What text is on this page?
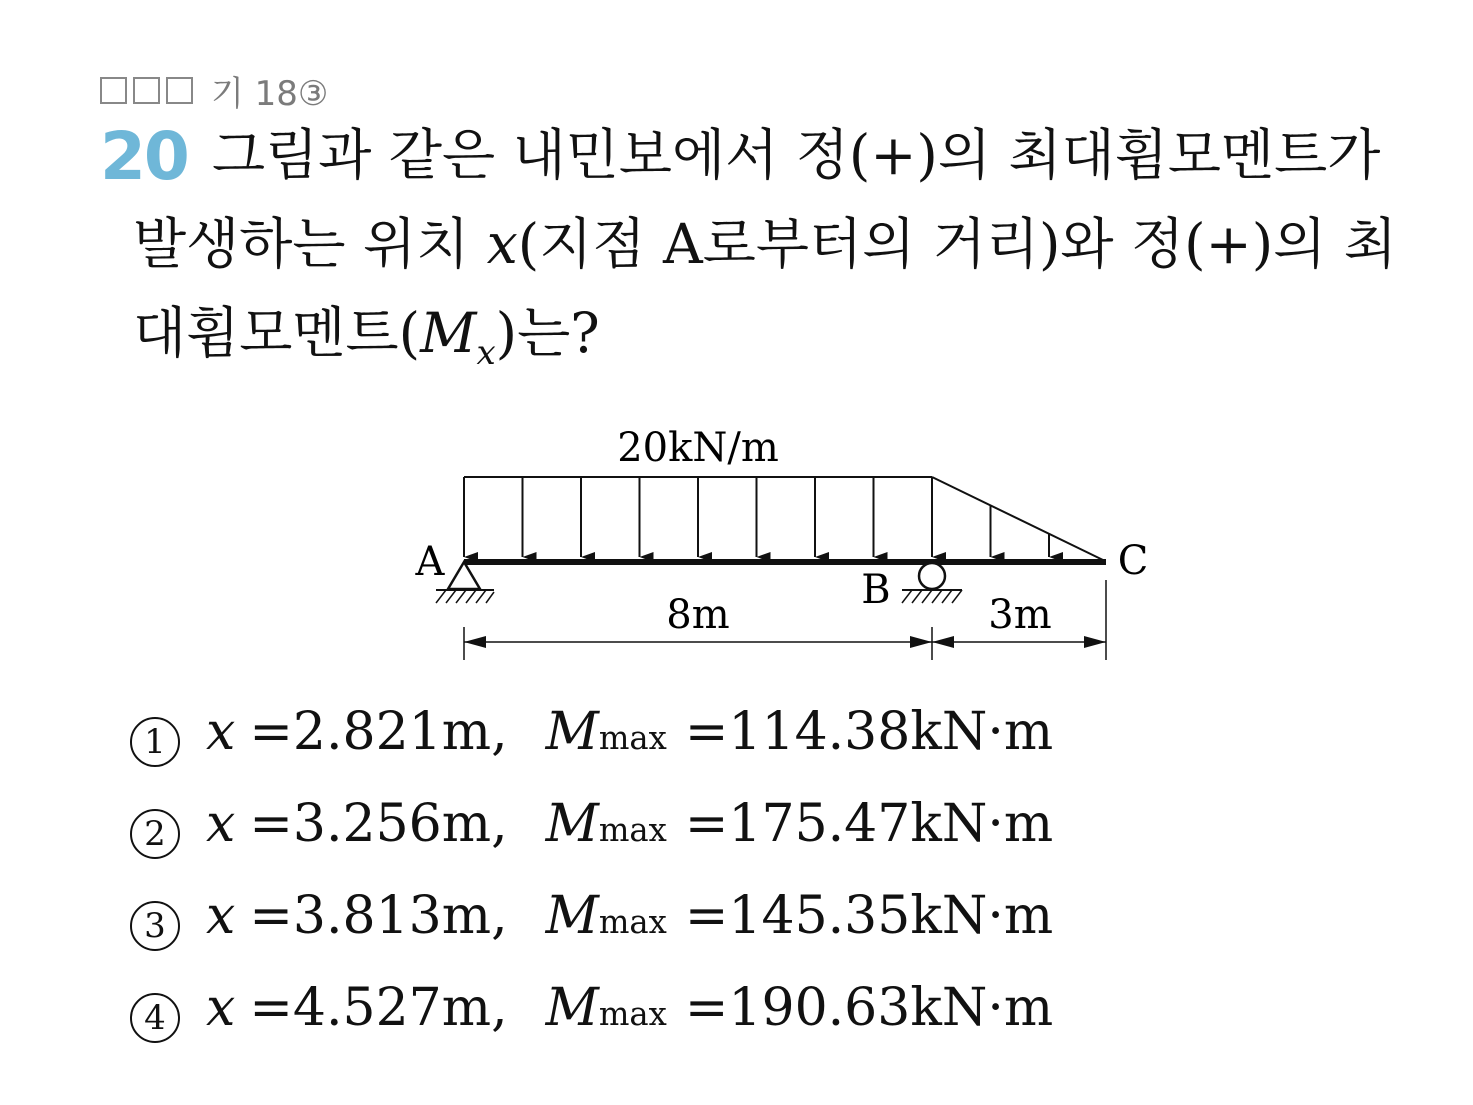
기 18③
20 그림과 같은 내민보에서 정(+)의 최대휨모멘트가
발생하는 위치 x(지점 A로부터의 거리)와 정(+)의 최
대휨모멘트$(M_x)$는?
20kN/m
A
B
C
8m	3m
1 x =2.821m, M max =114.38kN·m
2 x =3.256m, M max =175.47kN·m
3 x =3.813m, M max =145.35kN·m
4 x =4.527m, M max =190.63kN·m
